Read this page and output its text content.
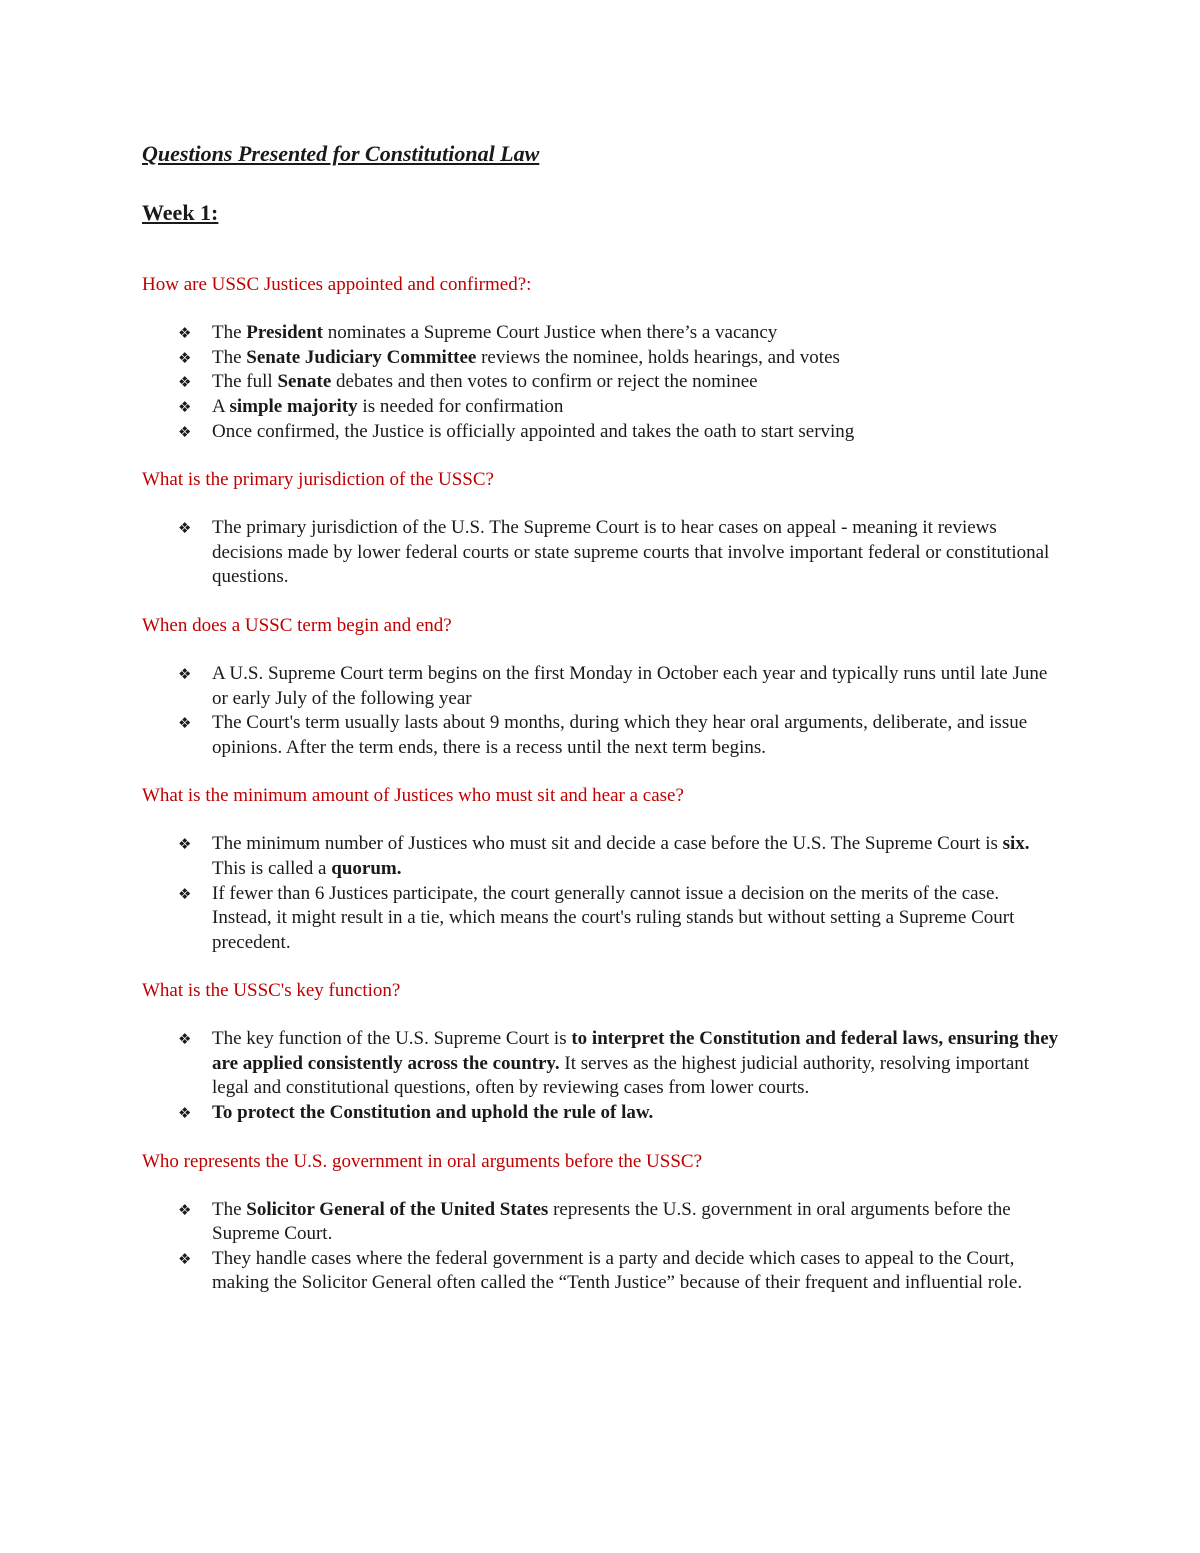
Questions Presented for Constitutional Law
Week 1:
How are USSC Justices appointed and confirmed?:
❖ The President nominates a Supreme Court Justice when there’s a vacancy
❖ The Senate Judiciary Committee reviews the nominee, holds hearings, and votes
❖ The full Senate debates and then votes to confirm or reject the nominee
❖ A simple majority is needed for confirmation
❖ Once confirmed, the Justice is officially appointed and takes the oath to start serving
What is the primary jurisdiction of the USSC?
❖ The primary jurisdiction of the U.S. The Supreme Court is to hear cases on appeal - meaning it reviews decisions made by lower federal courts or state supreme courts that involve important federal or constitutional questions.
When does a USSC term begin and end?
❖ A U.S. Supreme Court term begins on the first Monday in October each year and typically runs until late June or early July of the following year
❖ The Court's term usually lasts about 9 months, during which they hear oral arguments, deliberate, and issue opinions. After the term ends, there is a recess until the next term begins.
What is the minimum amount of Justices who must sit and hear a case?
❖ The minimum number of Justices who must sit and decide a case before the U.S. The Supreme Court is six. This is called a quorum.
❖ If fewer than 6 Justices participate, the court generally cannot issue a decision on the merits of the case. Instead, it might result in a tie, which means the court's ruling stands but without setting a Supreme Court precedent.
What is the USSC's key function?
❖ The key function of the U.S. Supreme Court is to interpret the Constitution and federal laws, ensuring they are applied consistently across the country. It serves as the highest judicial authority, resolving important legal and constitutional questions, often by reviewing cases from lower courts.
❖ To protect the Constitution and uphold the rule of law.
Who represents the U.S. government in oral arguments before the USSC?
❖ The Solicitor General of the United States represents the U.S. government in oral arguments before the Supreme Court.
❖ They handle cases where the federal government is a party and decide which cases to appeal to the Court, making the Solicitor General often called the “Tenth Justice” because of their frequent and influential role.
